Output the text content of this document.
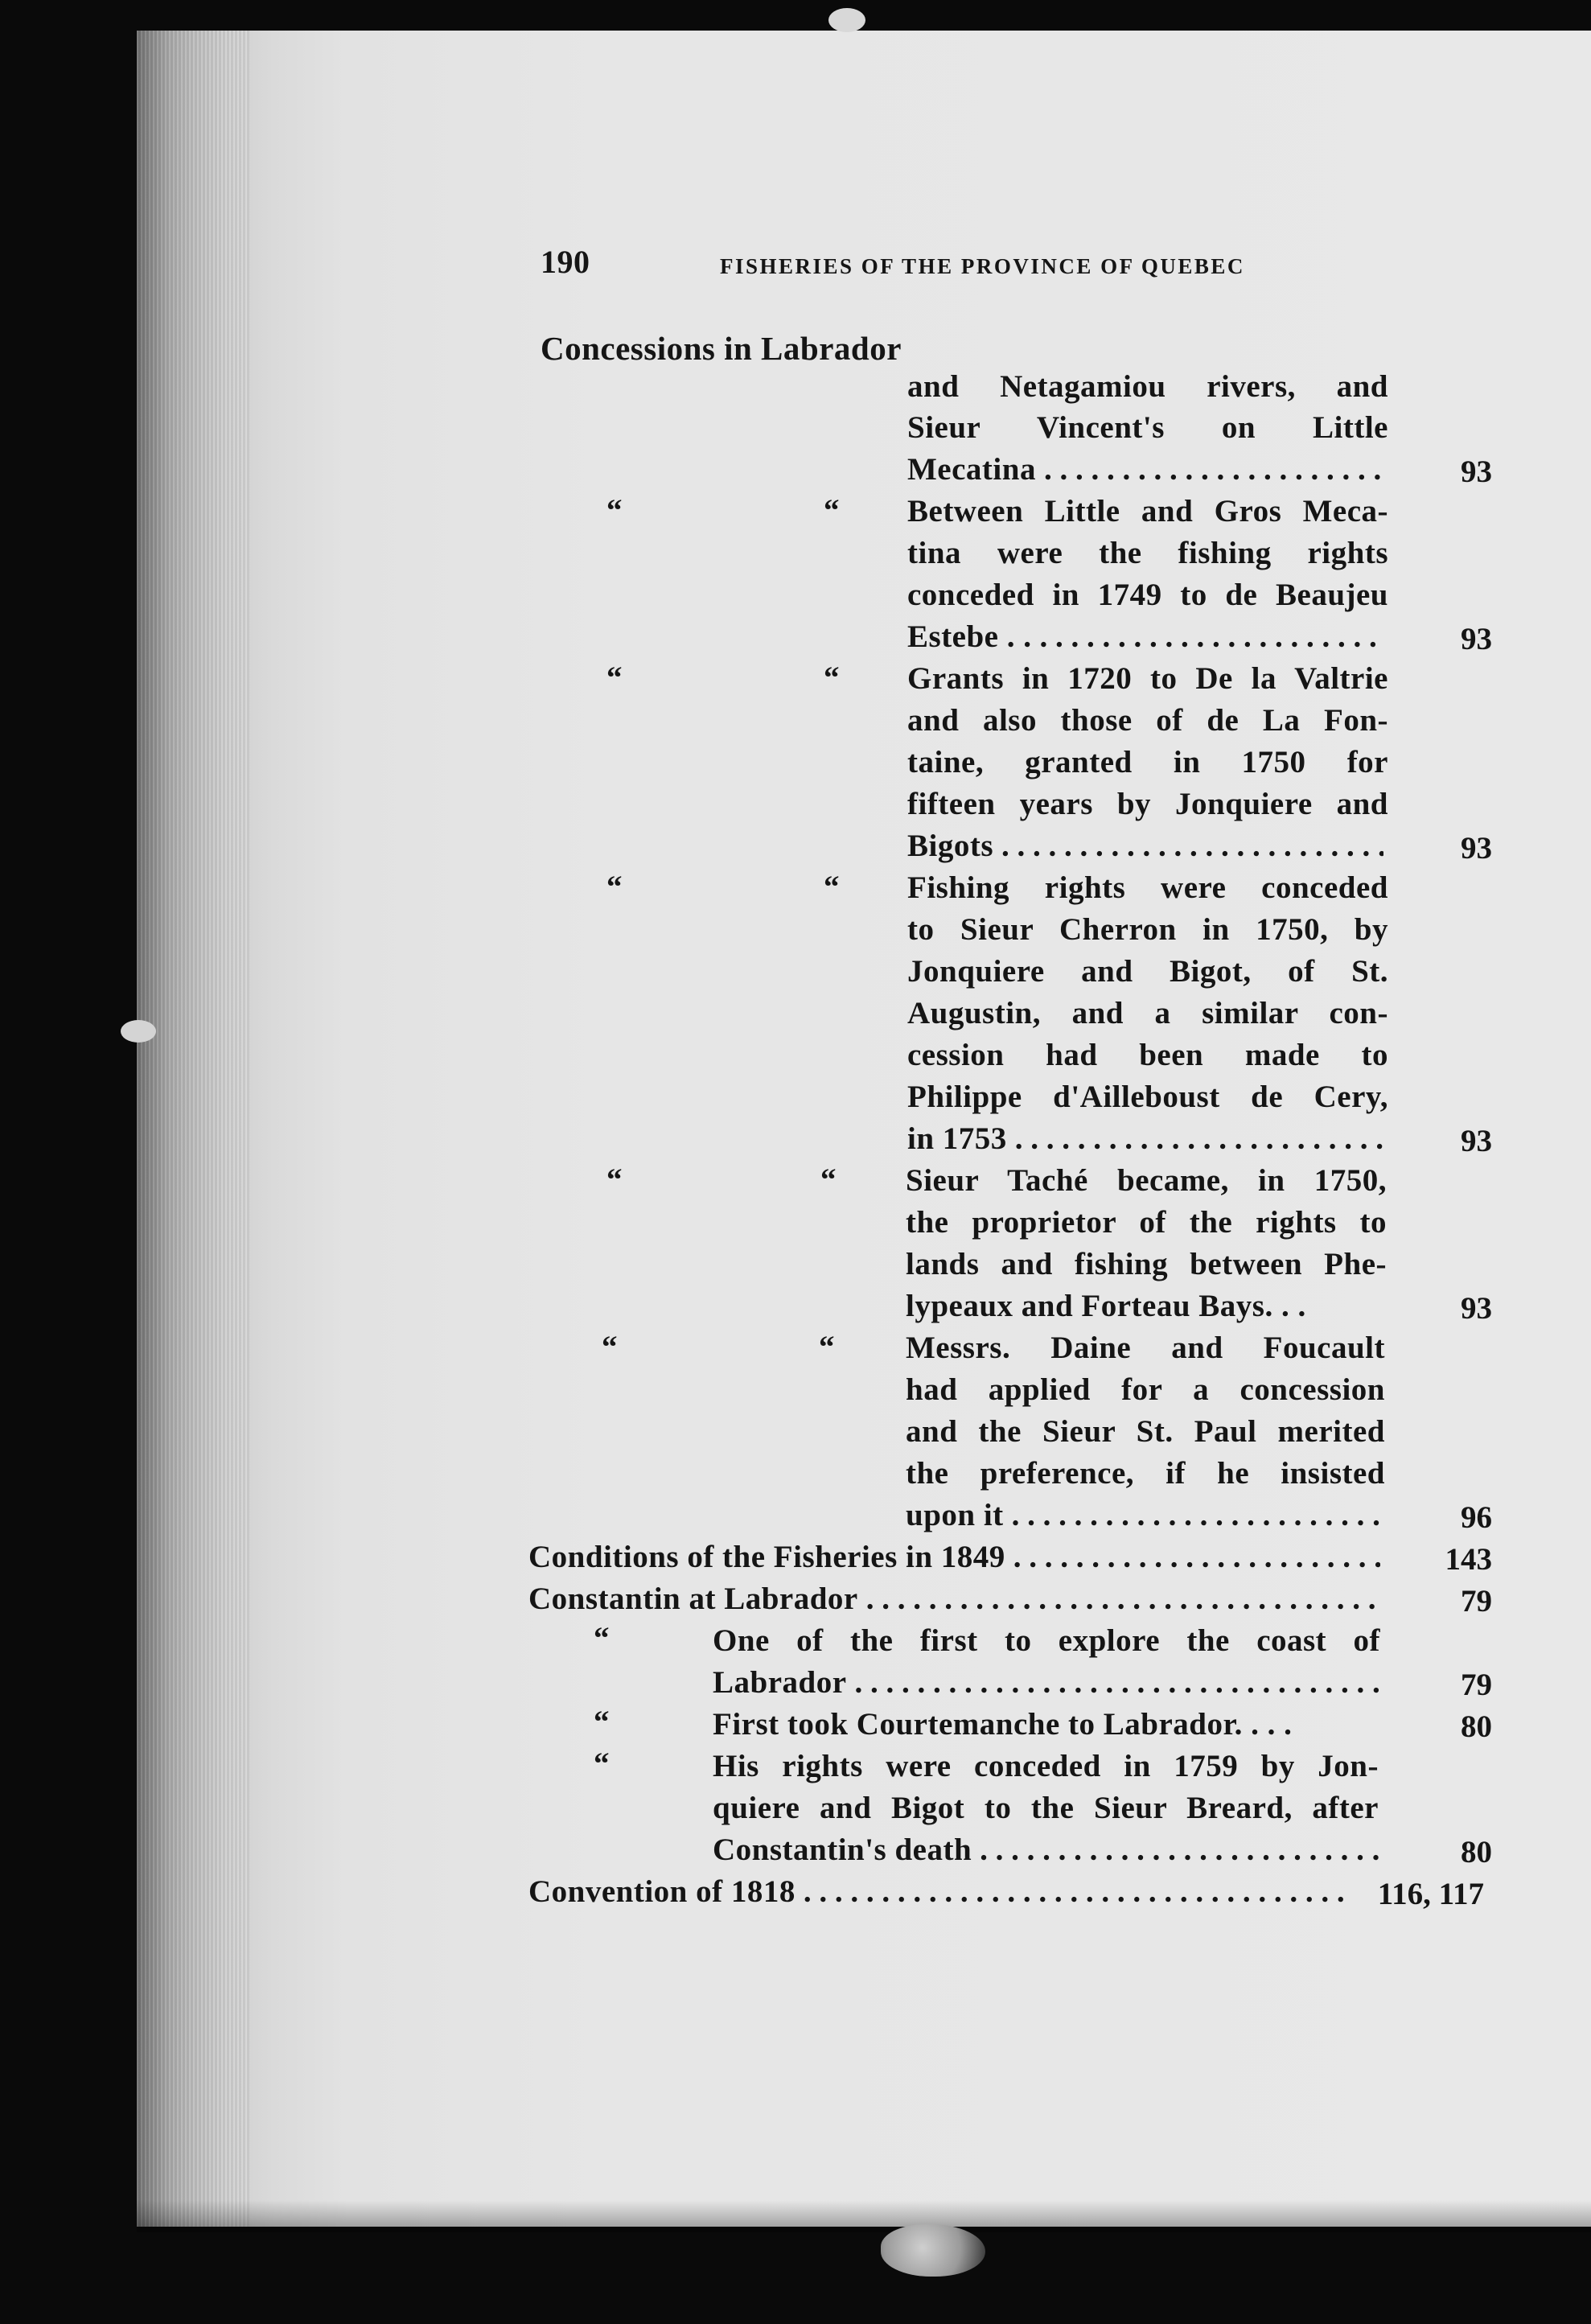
190	FISHERIES OF THE PROVINCE OF QUEBEC
Concessions in Labrador
and Netagamiou rivers, and
Sieur Vincent's on Little
Mecatina . . .	93
“	“ Between Little and Gros Meca-
tina were the fishing rights
conceded in 1749 to de Beaujeu
Estebe . . . . .	93
“	“ Grants in 1720 to De la Valtrie
and also those of de La Fon-
taine, granted in 1750 for
fifteen years by Jonquiere and
Bigots . . .	93
“	“ Fishing rights were conceded
to Sieur Cherron in 1750, by
Jonquiere and Bigot, of St.
Augustin, and a similar con-
cession had been made to
Philippe d'Ailleboust de Cery,
in 1753 . . .	93
“	“ Sieur Taché became, in 1750,
the proprietor of the rights to
lands and fishing between Phe-
lypeaux and Forteau Bays. . .	93
“	“ Messrs. Daine and Foucault
had applied for a concession
and the Sieur St. Paul merited
the preference, if he insisted
upon it . . .	96
Conditions of the Fisheries in 1849 . . .	143
Constantin at Labrador . . .	79
“	One of the first to explore the coast of
Labrador . . .	79
“	First took Courtemanche to Labrador. . . .	80
“	His rights were conceded in 1759 by Jon-
quiere and Bigot to the Sieur Breard, after
Constantin's death . . .	80
Convention of 1818 . . .	116, 117
